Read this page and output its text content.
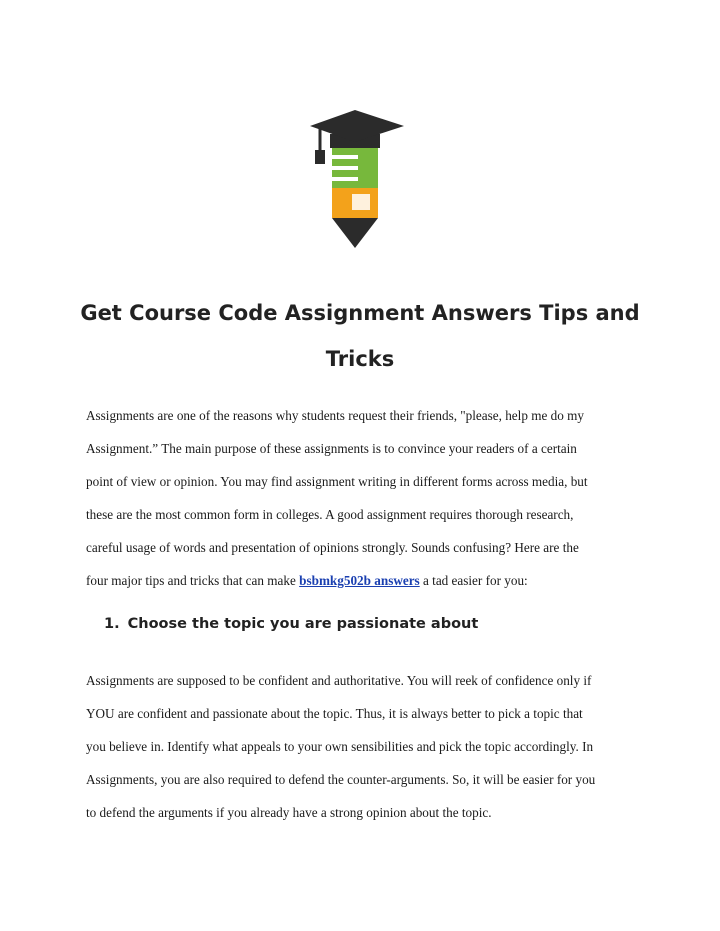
Get Course Code Assignment Answers Tips and
Tricks

Assignments are one of the reasons why students request their friends, "please, help me do my
Assignment.” The main purpose of these assignments is to convince your readers of a certain
point of view or opinion. You may find assignment writing in different forms across media, but
these are the most common form in colleges. A good assignment requires thorough research,
careful usage of words and presentation of opinions strongly. Sounds confusing? Here are the
four major tips and tricks that can make bsbmkg502b answers a tad easier for you:

1. Choose the topic you are passionate about

Assignments are supposed to be confident and authoritative. You will reek of confidence only if
YOU are confident and passionate about the topic. Thus, it is always better to pick a topic that
you believe in. Identify what appeals to your own sensibilities and pick the topic accordingly. In
Assignments, you are also required to defend the counter-arguments. So, it will be easier for you
to defend the arguments if you already have a strong opinion about the topic.
